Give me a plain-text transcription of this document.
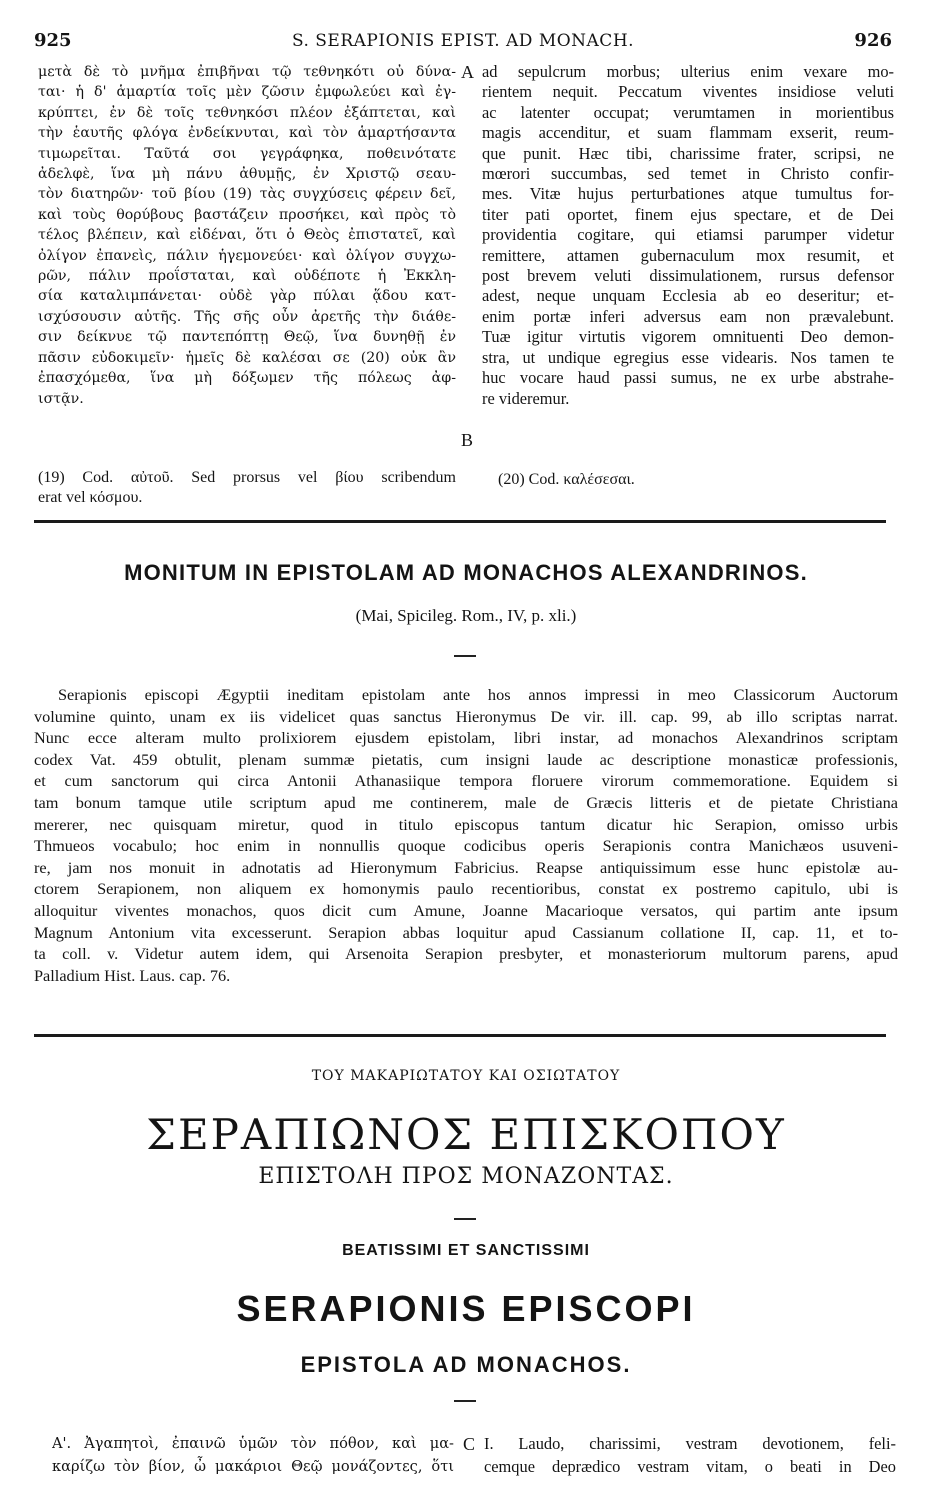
925	S. SERAPIONIS EPIST. AD MONACH.	926
μετὰ δὲ τὸ μνῆμα ἐπιβῆναι τῷ τεθνηκότι οὐ δύνα-
ται· ἡ δ' ἁμαρτία τοῖς μὲν ζῶσιν ἐμφωλεύει καὶ ἐγ-
κρύπτει, ἐν δὲ τοῖς τεθνηκόσι πλέον ἐξάπτεται, καὶ
τὴν ἑαυτῆς φλόγα ἐνδείκνυται, καὶ τὸν ἁμαρτήσαντα
τιμωρεῖται. Ταῦτά σοι γεγράφηκα, ποθεινότατε
ἀδελφὲ, ἵνα μὴ πάνυ ἀθυμῇς, ἐν Χριστῷ σεαυ-
τὸν διατηρῶν· τοῦ βίου (19) τὰς συγχύσεις φέρειν δεῖ,
καὶ τοὺς θορύβους βαστάζειν προσήκει, καὶ πρὸς τὸ
τέλος βλέπειν, καὶ εἰδέναι, ὅτι ὁ Θεὸς ἐπιστατεῖ, καὶ
ὀλίγον ἐπανεὶς, πάλιν ἡγεμονεύει· καὶ ὀλίγον συγχω-
ρῶν, πάλιν προΐσταται, καὶ οὐδέποτε ἡ Ἐκκλη-
σία καταλιμπάνεται· οὐδὲ γὰρ πύλαι ᾅδου κατ-
ισχύσουσιν αὐτῆς. Τῆς σῆς οὖν ἀρετῆς τὴν διάθε-
σιν δείκνυε τῷ παντεπόπτῃ Θεῷ, ἵνα δυνηθῇ ἐν
πᾶσιν εὐδοκιμεῖν· ἡμεῖς δὲ καλέσαι σε (20) οὐκ ἂν
ἐπασχόμεθα, ἵνα μὴ δόξωμεν τῆς πόλεως ἀφ-
ιστᾷν.
(19) Cod. αὐτοῦ. Sed prorsus vel βίου scribendum
erat vel κόσμου.
A
B
ad sepulcrum morbus; ulterius enim vexare mo-
rientem nequit. Peccatum viventes insidiose veluti
ac latenter occupat; verumtamen in morientibus
magis accenditur, et suam flammam exserit, reum-
que punit. Hæc tibi, charissime frater, scripsi, ne
mœrori succumbas, sed temet in Christo confir-
mes. Vitæ hujus perturbationes atque tumultus for-
titer pati oportet, finem ejus spectare, et de Dei
providentia cogitare, qui etiamsi parumper videtur
remittere, attamen gubernaculum mox resumit, et
post brevem veluti dissimulationem, rursus defensor
adest, neque unquam Ecclesia ab eo deseritur; et-
enim portæ inferi adversus eam non prævalebunt.
Tuæ igitur virtutis vigorem omnituenti Deo demon-
stra, ut undique egregius esse videaris. Nos tamen te
huc vocare haud passi sumus, ne ex urbe abstrahe-
re videremur.
(20) Cod. καλέσεσαι.
MONITUM IN EPISTOLAM AD MONACHOS ALEXANDRINOS.
(Mai, Spicileg. Rom., IV, p. xli.)
Serapionis episcopi Ægyptii ineditam epistolam ante hos annos impressi in meo Classicorum Auctorum
volumine quinto, unam ex iis videlicet quas sanctus Hieronymus De vir. ill. cap. 99, ab illo scriptas narrat.
Nunc ecce alteram multo prolixiorem ejusdem epistolam, libri instar, ad monachos Alexandrinos scriptam
codex Vat. 459 obtulit, plenam summæ pietatis, cum insigni laude ac descriptione monasticæ professionis,
et cum sanctorum qui circa Antonii Athanasiique tempora floruere virorum commemoratione. Equidem si
tam bonum tamque utile scriptum apud me continerem, male de Græcis litteris et de pietate Christiana
mererer, nec quisquam miretur, quod in titulo episcopus tantum dicatur hic Serapion, omisso urbis
Thmueos vocabulo; hoc enim in nonnullis quoque codicibus operis Serapionis contra Manichæos usuveni-
re, jam nos monuit in adnotatis ad Hieronymum Fabricius. Reapse antiquissimum esse hunc epistolæ au-
ctorem Serapionem, non aliquem ex homonymis paulo recentioribus, constat ex postremo capitulo, ubi is
alloquitur viventes monachos, quos dicit cum Amune, Joanne Macarioque versatos, qui partim ante ipsum
Magnum Antonium vita excesserunt. Serapion abbas loquitur apud Cassianum collatione II, cap. 11, et to-
ta coll. v. Videtur autem idem, qui Arsenoita Serapion presbyter, et monasteriorum multorum parens, apud
Palladium Hist. Laus. cap. 76.
ΤΟΥ ΜΑΚΑΡΙΩΤΑΤΟΥ ΚΑΙ ΟΣΙΩΤΑΤΟΥ
ΣΕΡΑΠΙΩΝΟΣ ΕΠΙΣΚΟΠΟΥ
ΕΠΙΣΤΟΛΗ ΠΡΟΣ ΜΟΝΑΖΟΝΤΑΣ.
BEATISSIMI ET SANCTISSIMI
SERAPIONIS EPISCOPI
EPISTOLA AD MONACHOS.
Α'. Ἀγαπητοὶ, ἐπαινῶ ὑμῶν τὸν πόθον, καὶ μα-
καρίζω τὸν βίον, ὦ μακάριοι Θεῷ μονάζοντες, ὅτι
C I. Laudo, charissimi, vestram devotionem, feli-
cemque deprædico vestram vitam, o beati in Deo
